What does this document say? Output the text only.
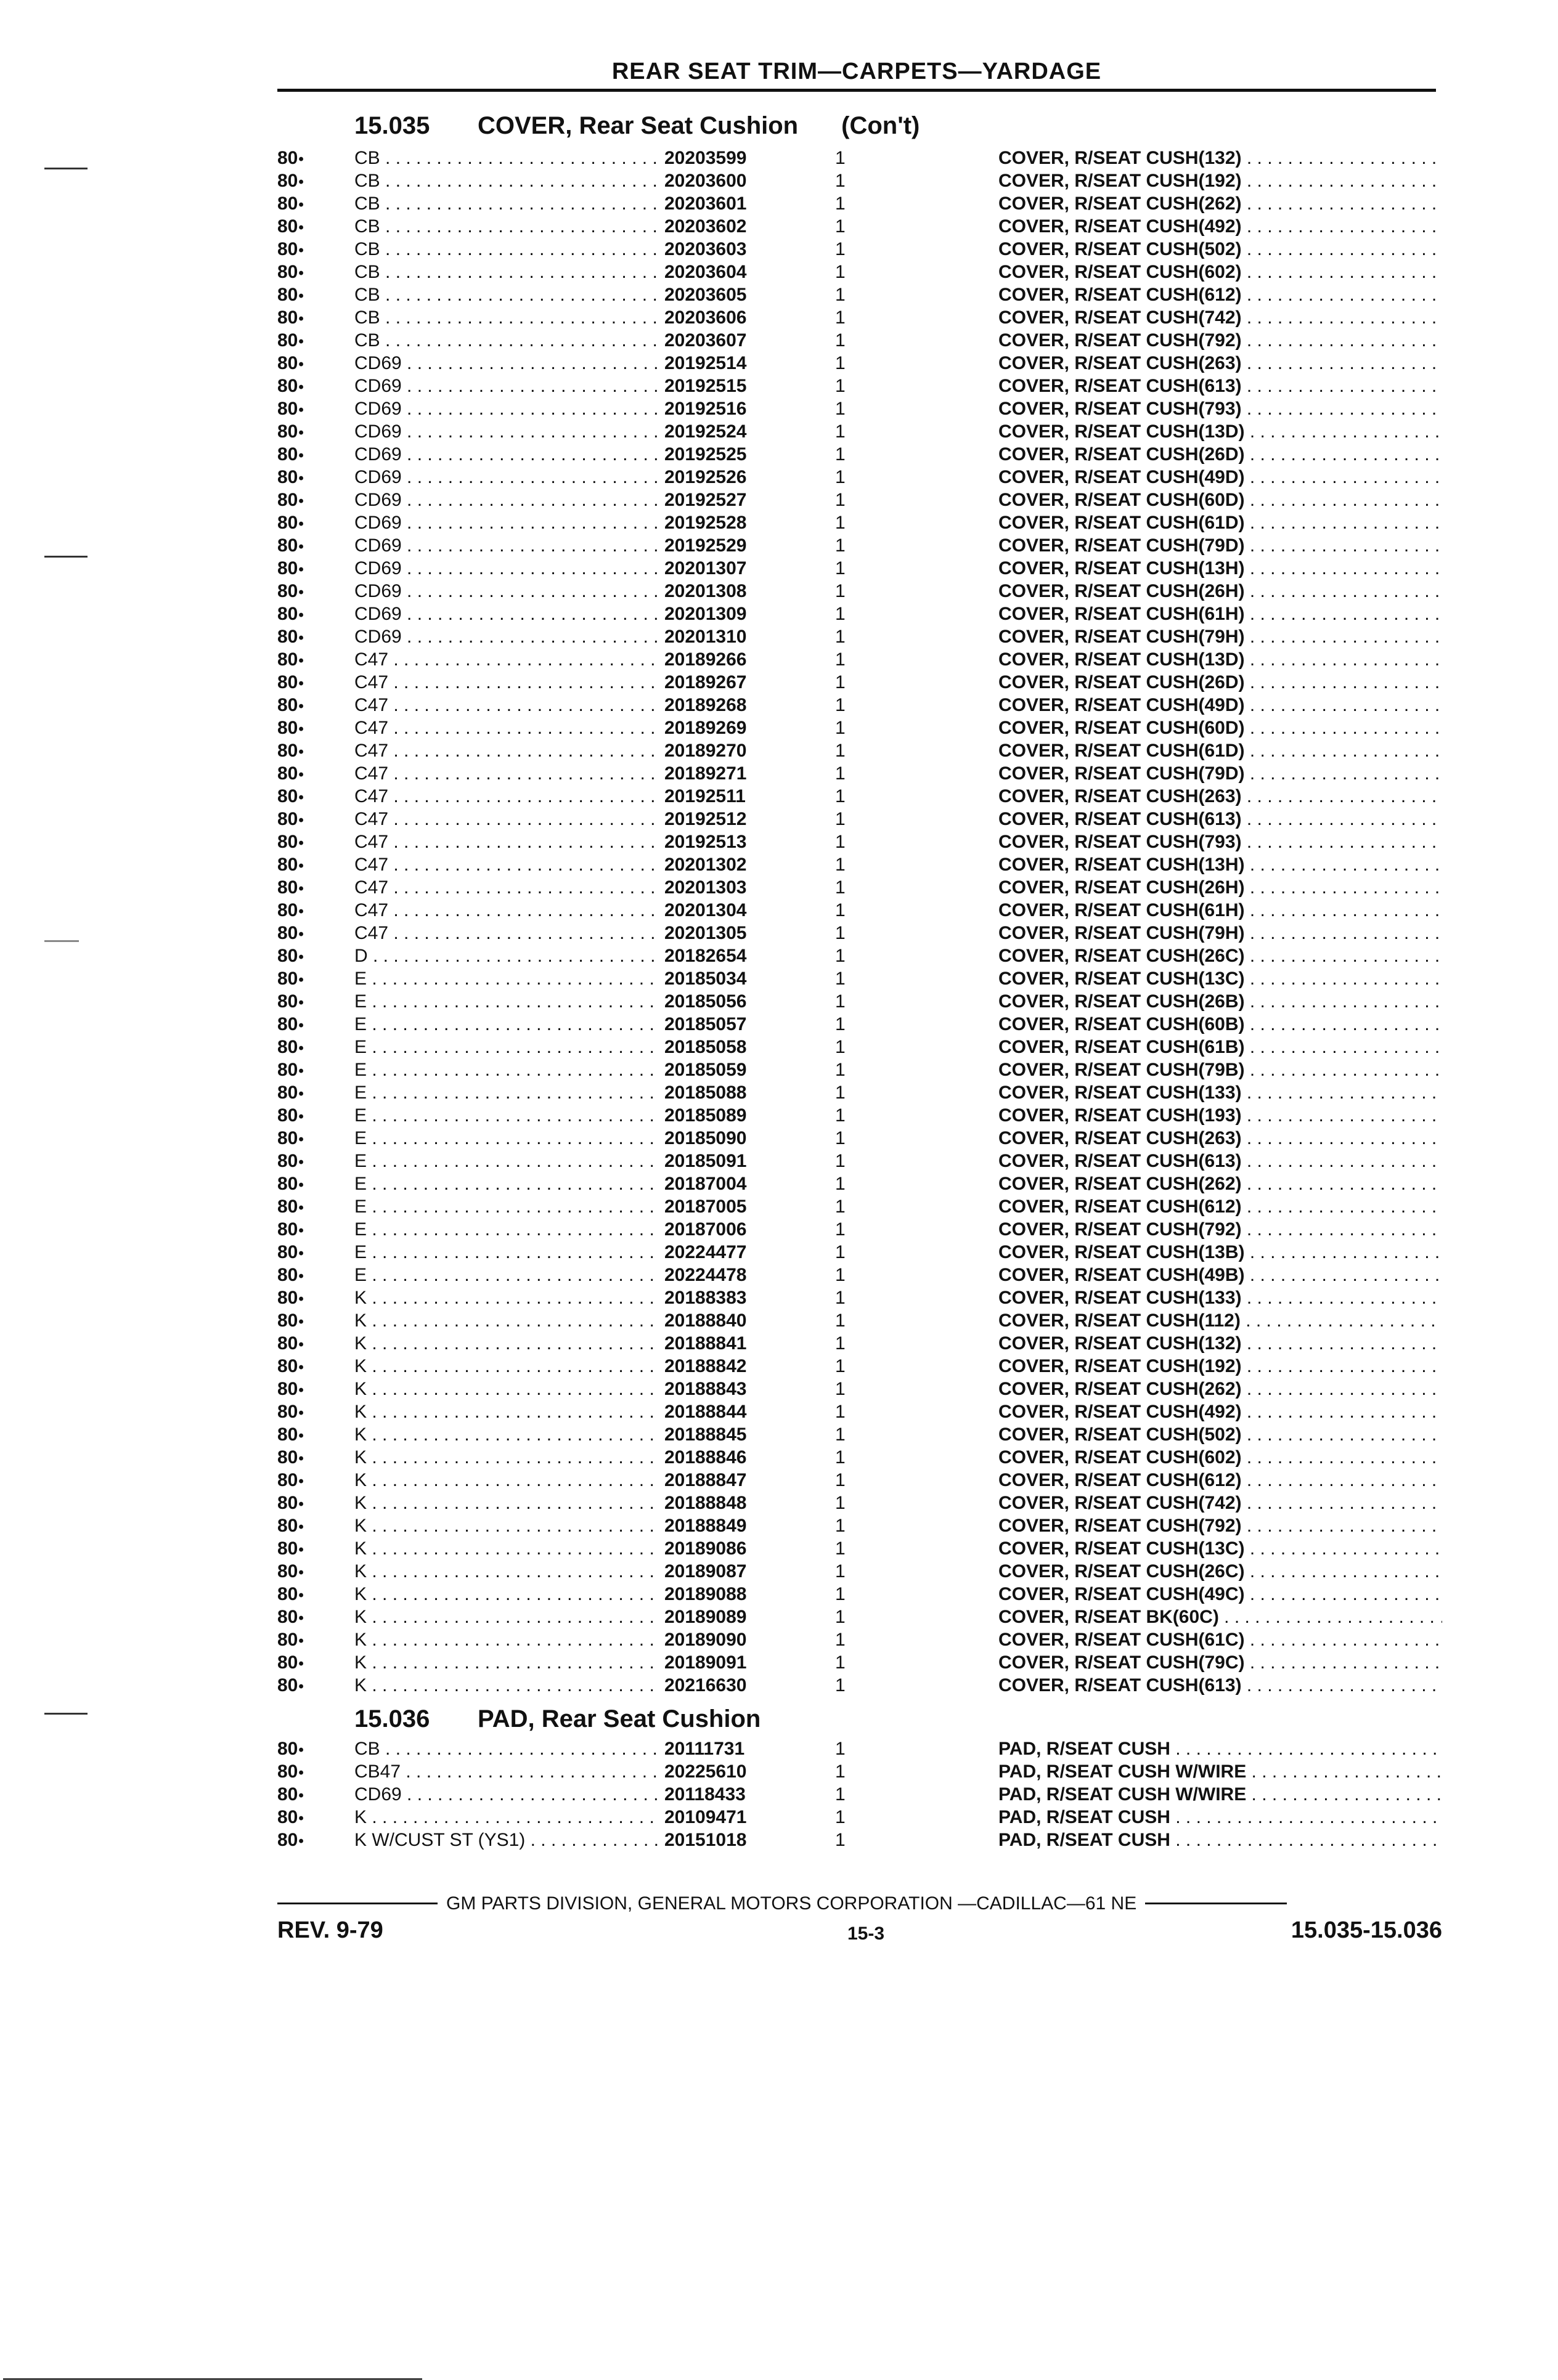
REAR SEAT TRIM—CARPETS—YARDAGE
15.035 COVER, Rear Seat Cushion (Con't)
80 •	CB . . .	20203599	1	COVER, R/SEAT CUSH(132) . . .
80 •	CB . . .	20203600	1	COVER, R/SEAT CUSH(192) . . .
80 •	CB . . .	20203601	1	COVER, R/SEAT CUSH(262) . . .
80 •	CB . . .	20203602	1	COVER, R/SEAT CUSH(492) . . .
80 •	CB . . .	20203603	1	COVER, R/SEAT CUSH(502) . . .
80 •	CB . . .	20203604	1	COVER, R/SEAT CUSH(602) . . .
80 •	CB . . .	20203605	1	COVER, R/SEAT CUSH(612) . . .
80 •	CB . . .	20203606	1	COVER, R/SEAT CUSH(742) . . .
80 •	CB . . .	20203607	1	COVER, R/SEAT CUSH(792) . . .
80 •	CD69 . . .	20192514	1	COVER, R/SEAT CUSH(263) . . .
80 •	CD69 . . .	20192515	1	COVER, R/SEAT CUSH(613) . . .
80 •	CD69 . . .	20192516	1	COVER, R/SEAT CUSH(793) . . .
80 •	CD69 . . .	20192524	1	COVER, R/SEAT CUSH(13D) . . .
80 •	CD69 . . .	20192525	1	COVER, R/SEAT CUSH(26D) . . .
80 •	CD69 . . .	20192526	1	COVER, R/SEAT CUSH(49D) . . .
80 •	CD69 . . .	20192527	1	COVER, R/SEAT CUSH(60D) . . .
80 •	CD69 . . .	20192528	1	COVER, R/SEAT CUSH(61D) . . .
80 •	CD69 . . .	20192529	1	COVER, R/SEAT CUSH(79D) . . .
80 •	CD69 . . .	20201307	1	COVER, R/SEAT CUSH(13H) . . .
80 •	CD69 . . .	20201308	1	COVER, R/SEAT CUSH(26H) . . .
80 •	CD69 . . .	20201309	1	COVER, R/SEAT CUSH(61H) . . .
80 •	CD69 . . .	20201310	1	COVER, R/SEAT CUSH(79H) . . .
80 •	C47 . . .	20189266	1	COVER, R/SEAT CUSH(13D) . . .
80 •	C47 . . .	20189267	1	COVER, R/SEAT CUSH(26D) . . .
80 •	C47 . . .	20189268	1	COVER, R/SEAT CUSH(49D) . . .
80 •	C47 . . .	20189269	1	COVER, R/SEAT CUSH(60D) . . .
80 •	C47 . . .	20189270	1	COVER, R/SEAT CUSH(61D) . . .
80 •	C47 . . .	20189271	1	COVER, R/SEAT CUSH(79D) . . .
80 •	C47 . . .	20192511	1	COVER, R/SEAT CUSH(263) . . .
80 •	C47 . . .	20192512	1	COVER, R/SEAT CUSH(613) . . .
80 •	C47 . . .	20192513	1	COVER, R/SEAT CUSH(793) . . .
80 •	C47 . . .	20201302	1	COVER, R/SEAT CUSH(13H) . . .
80 •	C47 . . .	20201303	1	COVER, R/SEAT CUSH(26H) . . .
80 •	C47 . . .	20201304	1	COVER, R/SEAT CUSH(61H) . . .
80 •	C47 . . .	20201305	1	COVER, R/SEAT CUSH(79H) . . .
80 •	D . . .	20182654	1	COVER, R/SEAT CUSH(26C) . . .
80 •	E . . .	20185034	1	COVER, R/SEAT CUSH(13C) . . .
80 •	E . . .	20185056	1	COVER, R/SEAT CUSH(26B) . . .
80 •	E . . .	20185057	1	COVER, R/SEAT CUSH(60B) . . .
80 •	E . . .	20185058	1	COVER, R/SEAT CUSH(61B) . . .
80 •	E . . .	20185059	1	COVER, R/SEAT CUSH(79B) . . .
80 •	E . . .	20185088	1	COVER, R/SEAT CUSH(133) . . .
80 •	E . . .	20185089	1	COVER, R/SEAT CUSH(193) . . .
80 •	E . . .	20185090	1	COVER, R/SEAT CUSH(263) . . .
80 •	E . . .	20185091	1	COVER, R/SEAT CUSH(613) . . .
80 •	E . . .	20187004	1	COVER, R/SEAT CUSH(262) . . .
80 •	E . . .	20187005	1	COVER, R/SEAT CUSH(612) . . .
80 •	E . . .	20187006	1	COVER, R/SEAT CUSH(792) . . .
80 •	E . . .	20224477	1	COVER, R/SEAT CUSH(13B) . . .
80 •	E . . .	20224478	1	COVER, R/SEAT CUSH(49B) . . .
80 •	K . . .	20188383	1	COVER, R/SEAT CUSH(133) . . .
80 •	K . . .	20188840	1	COVER, R/SEAT CUSH(112) . . .
80 •	K . . .	20188841	1	COVER, R/SEAT CUSH(132) . . .
80 •	K . . .	20188842	1	COVER, R/SEAT CUSH(192) . . .
80 •	K . . .	20188843	1	COVER, R/SEAT CUSH(262) . . .
80 •	K . . .	20188844	1	COVER, R/SEAT CUSH(492) . . .
80 •	K . . .	20188845	1	COVER, R/SEAT CUSH(502) . . .
80 •	K . . .	20188846	1	COVER, R/SEAT CUSH(602) . . .
80 •	K . . .	20188847	1	COVER, R/SEAT CUSH(612) . . .
80 •	K . . .	20188848	1	COVER, R/SEAT CUSH(742) . . .
80 •	K . . .	20188849	1	COVER, R/SEAT CUSH(792) . . .
80 •	K . . .	20189086	1	COVER, R/SEAT CUSH(13C) . . .
80 •	K . . .	20189087	1	COVER, R/SEAT CUSH(26C) . . .
80 •	K . . .	20189088	1	COVER, R/SEAT CUSH(49C) . . .
80 •	K . . .	20189089	1	COVER, R/SEAT BK(60C) . . .
80 •	K . . .	20189090	1	COVER, R/SEAT CUSH(61C) . . .
80 •	K . . .	20189091	1	COVER, R/SEAT CUSH(79C) . . .
80 •	K . . .	20216630	1	COVER, R/SEAT CUSH(613) . . .
15.036 PAD, Rear Seat Cushion
80 •	CB . . .	20111731	1	PAD, R/SEAT CUSH . . .
80 •	CB47 . . .	20225610	1	PAD, R/SEAT CUSH W/WIRE . . .
80 •	CD69 . . .	20118433	1	PAD, R/SEAT CUSH W/WIRE . . .
80 •	K . . .	20109471	1	PAD, R/SEAT CUSH . . .
80 •	K W/CUST ST (YS1) . . .	20151018	1	PAD, R/SEAT CUSH . . .
GM PARTS DIVISION, GENERAL MOTORS CORPORATION —CADILLAC—61 NE
REV. 9-79	15-3	15.035-15.036
